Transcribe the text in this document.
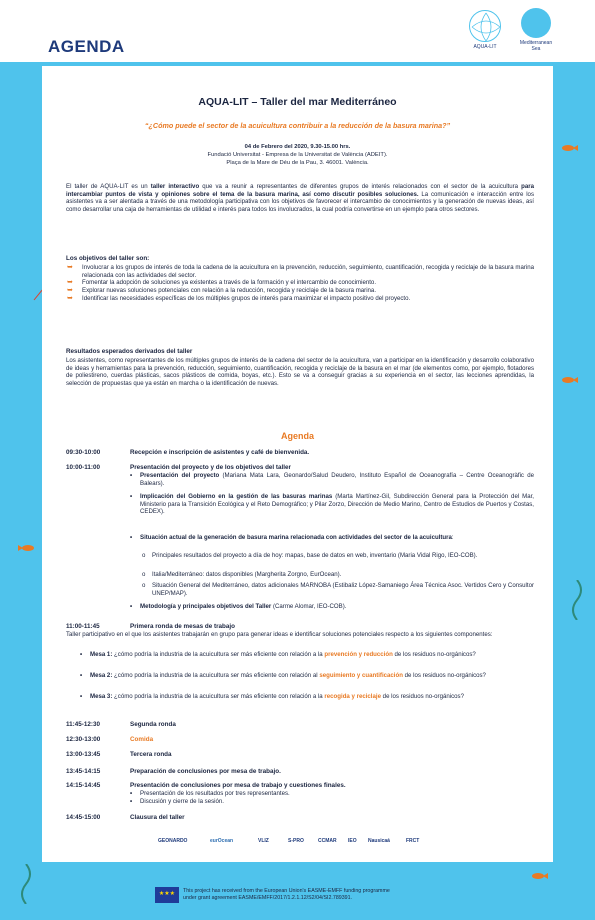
AGENDA	AQUA-LIT
Mediterranean
Sea
AQUA-LIT – Taller del mar Mediterráneo
“¿Cómo puede el sector de la acuicultura contribuir a la reducción de la basura marina?”
04 de Febrero del 2020, 9.30-15.00 hrs.
Fundació Universitat - Empresa de la Universitat de València (ADEIT).
Plaça de la Mare de Déu de la Pau, 3. 46001. València.
El taller de AQUA-LIT es un taller interactivo que va a reunir a representantes de diferentes grupos de interés relacionados con el sector de la acuicultura para intercambiar puntos de vista y opiniones sobre el tema de la basura marina, así como discutir posibles soluciones. La comunicación e interacción entre los asistentes va a ser alentada a través de una metodología participativa con los objetivos de favorecer el intercambio de conocimientos y la generación de nuevas ideas, así como desarrollar una caja de herramientas de utilidad e interés para todos los involucrados, la cual podría convertirse en un ejemplo para otros sectores.
Los objetivos del taller son:
➥ Involucrar a los grupos de interés de toda la cadena de la acuicultura en la prevención, reducción, seguimiento, cuantificación, recogida y reciclaje de la basura marina relacionada con las actividades del sector.
➥ Fomentar la adopción de soluciones ya existentes a través de la formación y el intercambio de conocimiento.
➥ Explorar nuevas soluciones potenciales con relación a la reducción, recogida y reciclaje de la basura marina.
➥ Identificar las necesidades específicas de los múltiples grupos de interés para maximizar el impacto positivo del proyecto.
Resultados esperados derivados del taller
Los asistentes, como representantes de los múltiples grupos de interés de la cadena del sector de la acuicultura, van a participar en la identificación y desarrollo colaborativo de ideas y herramientas para la prevención, reducción, seguimiento, cuantificación, recogida y reciclaje de la basura en el mar (de elementos como, por ejemplo, flotadores de poliestireno, cuerdas plásticas, sacos plásticos de comida, boyas, etc.). Esto se va a conseguir gracias a su experiencia en el sector, las lecciones aprendidas, la selección de propuestas que ya están en marcha o la identificación de nuevas.
Agenda
09:30-10:00	Recepción e inscripción de asistentes y café de bienvenida.
10:00-11:00	Presentación del proyecto y de los objetivos del taller
•	Presentación del proyecto (Mariana Mata Lara, Geonardo/Salud Deudero, Instituto Español de Oceanografía – Centre Oceanogràfic de Balears).
•	Implicación del Gobierno en la gestión de las basuras marinas (Marta Martínez-Gil, Subdirección General para la Protección del Mar, Ministerio para la Transición Ecológica y el Reto Demográfico; y Pilar Zorzo, Dirección de Medio Marino, Centro de Estudios de Puertos y Costas, CEDEX).
•	Situación actual de la generación de basura marina relacionada con actividades del sector de la acuicultura:
o	Principales resultados del proyecto a día de hoy: mapas, base de datos en web, inventario (Maria Vidal Rigo, IEO-COB).
o	Italia/Mediterráneo: datos disponibles (Margherita Zorgno, EurOcean).
o	Situación General del Mediterráneo, datos adicionales MARNOBA (Estibaliz López-Samaniego Área Técnica Asoc. Vertidos Cero y Consultor UNEP/MAP).
•	Metodología y principales objetivos del Taller (Carme Alomar, IEO-COB).
11:00-11:45	Primera ronda de mesas de trabajo
Taller participativo en el que los asistentes trabajarán en grupo para generar ideas e identificar soluciones potenciales respecto a los siguientes componentes:
•	Mesa 1: ¿cómo podría la industria de la acuicultura ser más eficiente con relación a la prevención y reducción de los residuos no-orgánicos?
•	Mesa 2: ¿cómo podría la industria de la acuicultura ser más eficiente con relación al seguimiento y cuantificación de los residuos no-orgánicos?
•	Mesa 3: ¿cómo podría la industria de la acuicultura ser más eficiente con relación a la recogida y reciclaje de los residuos no-orgánicos?
11:45-12:30	Segunda ronda
12:30-13:00	Comida
13:00-13:45	Tercera ronda
13:45-14:15	Preparación de conclusiones por mesa de trabajo.
14:15-14:45	Presentación de conclusiones por mesa de trabajo y cuestiones finales.
•	Presentación de los resultados por tres representantes.
•	Discusión y cierre de la sesión.
14:45-15:00	Clausura del taller
GEONARDO	eurOcean	VLIZ	S-PRO	CCMAR IEO Nausicaá	FRCT
★★★	This project has received from the European Union's EASME-EMFF funding programme
under grant agreement EASME/EMFF/2017/1.2.1.12/S2/04/SI2.789391.
